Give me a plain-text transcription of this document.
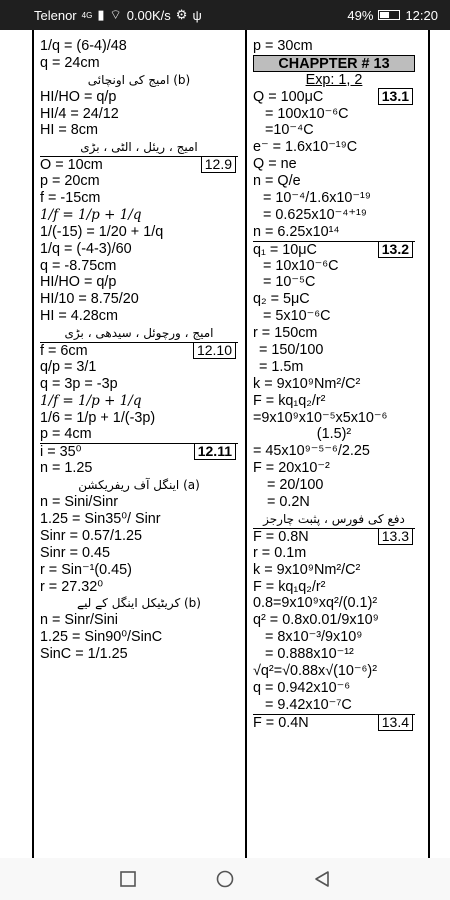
Telenor 4G ▮ ⌔ 0.00K/s ⚙ ψ	49% 12:20
1/q = (6-4)/48
q = 24cm
امیج کی اونچائی (b)
HI/HO = q/p
HI/4 = 24/12
HI = 8cm
امیج ، ریئل ، الٹی ، بڑی
O = 10cm	12.9
p = 20cm
f = -15cm
1/f = 1/p + 1/q
1/(-15) = 1/20 + 1/q
1/q = (-4-3)/60
q = -8.75cm
HI/HO = q/p
HI/10 = 8.75/20
HI = 4.28cm
امیج ، ورچوئل ، سیدھی ، بڑی
f = 6cm	12.10
q/p = 3/1
q = 3p = -3p
1/f = 1/p + 1/q
1/6 = 1/p + 1/(-3p)
p = 4cm
i = 35⁰	12.11
n = 1.25
اینگل آف ریفریکشن (a)
n = Sini/Sinr
1.25 = Sin35⁰/ Sinr
Sinr = 0.57/1.25
Sinr = 0.45
r = Sin⁻¹(0.45)
r = 27.32⁰
کریٹیکل اینگل کے لیے (b)
n = Sinr/Sini
1.25 = Sin90⁰/SinC
SinC = 1/1.25
p = 30cm
CHAPPTER # 13
Exp: 1, 2
Q = 100μC	13.1
= 100x10⁻⁶C
=10⁻⁴C
e⁻ = 1.6x10⁻¹⁹C
Q = ne
n = Q/e
= 10⁻⁴/1.6x10⁻¹⁹
= 0.625x10⁻⁴⁺¹⁹
n = 6.25x10¹⁴
q₁ = 10μC	13.2
= 10x10⁻⁶C
= 10⁻⁵C
q₂ = 5μC
= 5x10⁻⁶C
r = 150cm
= 150/100
= 1.5m
k = 9x10⁹Nm²/C²
F = kq₁q₂/r²
=9x10⁹x10⁻⁵x5x10⁻⁶
(1.5)²
= 45x10⁹⁻⁵⁻⁶/2.25
F = 20x10⁻²
= 20/100
= 0.2N
دفع کی فورس ، پثبت چارجز
F = 0.8N	13.3
r = 0.1m
k = 9x10⁹Nm²/C²
F = kq₁q₂/r²
0.8=9x10⁹xq²/(0.1)²
q² = 0.8x0.01/9x10⁹
= 8x10⁻³/9x10⁹
= 0.888x10⁻¹²
√q²=√0.88x√(10⁻⁶)²
q = 0.942x10⁻⁶
= 9.42x10⁻⁷C
F = 0.4N	13.4
